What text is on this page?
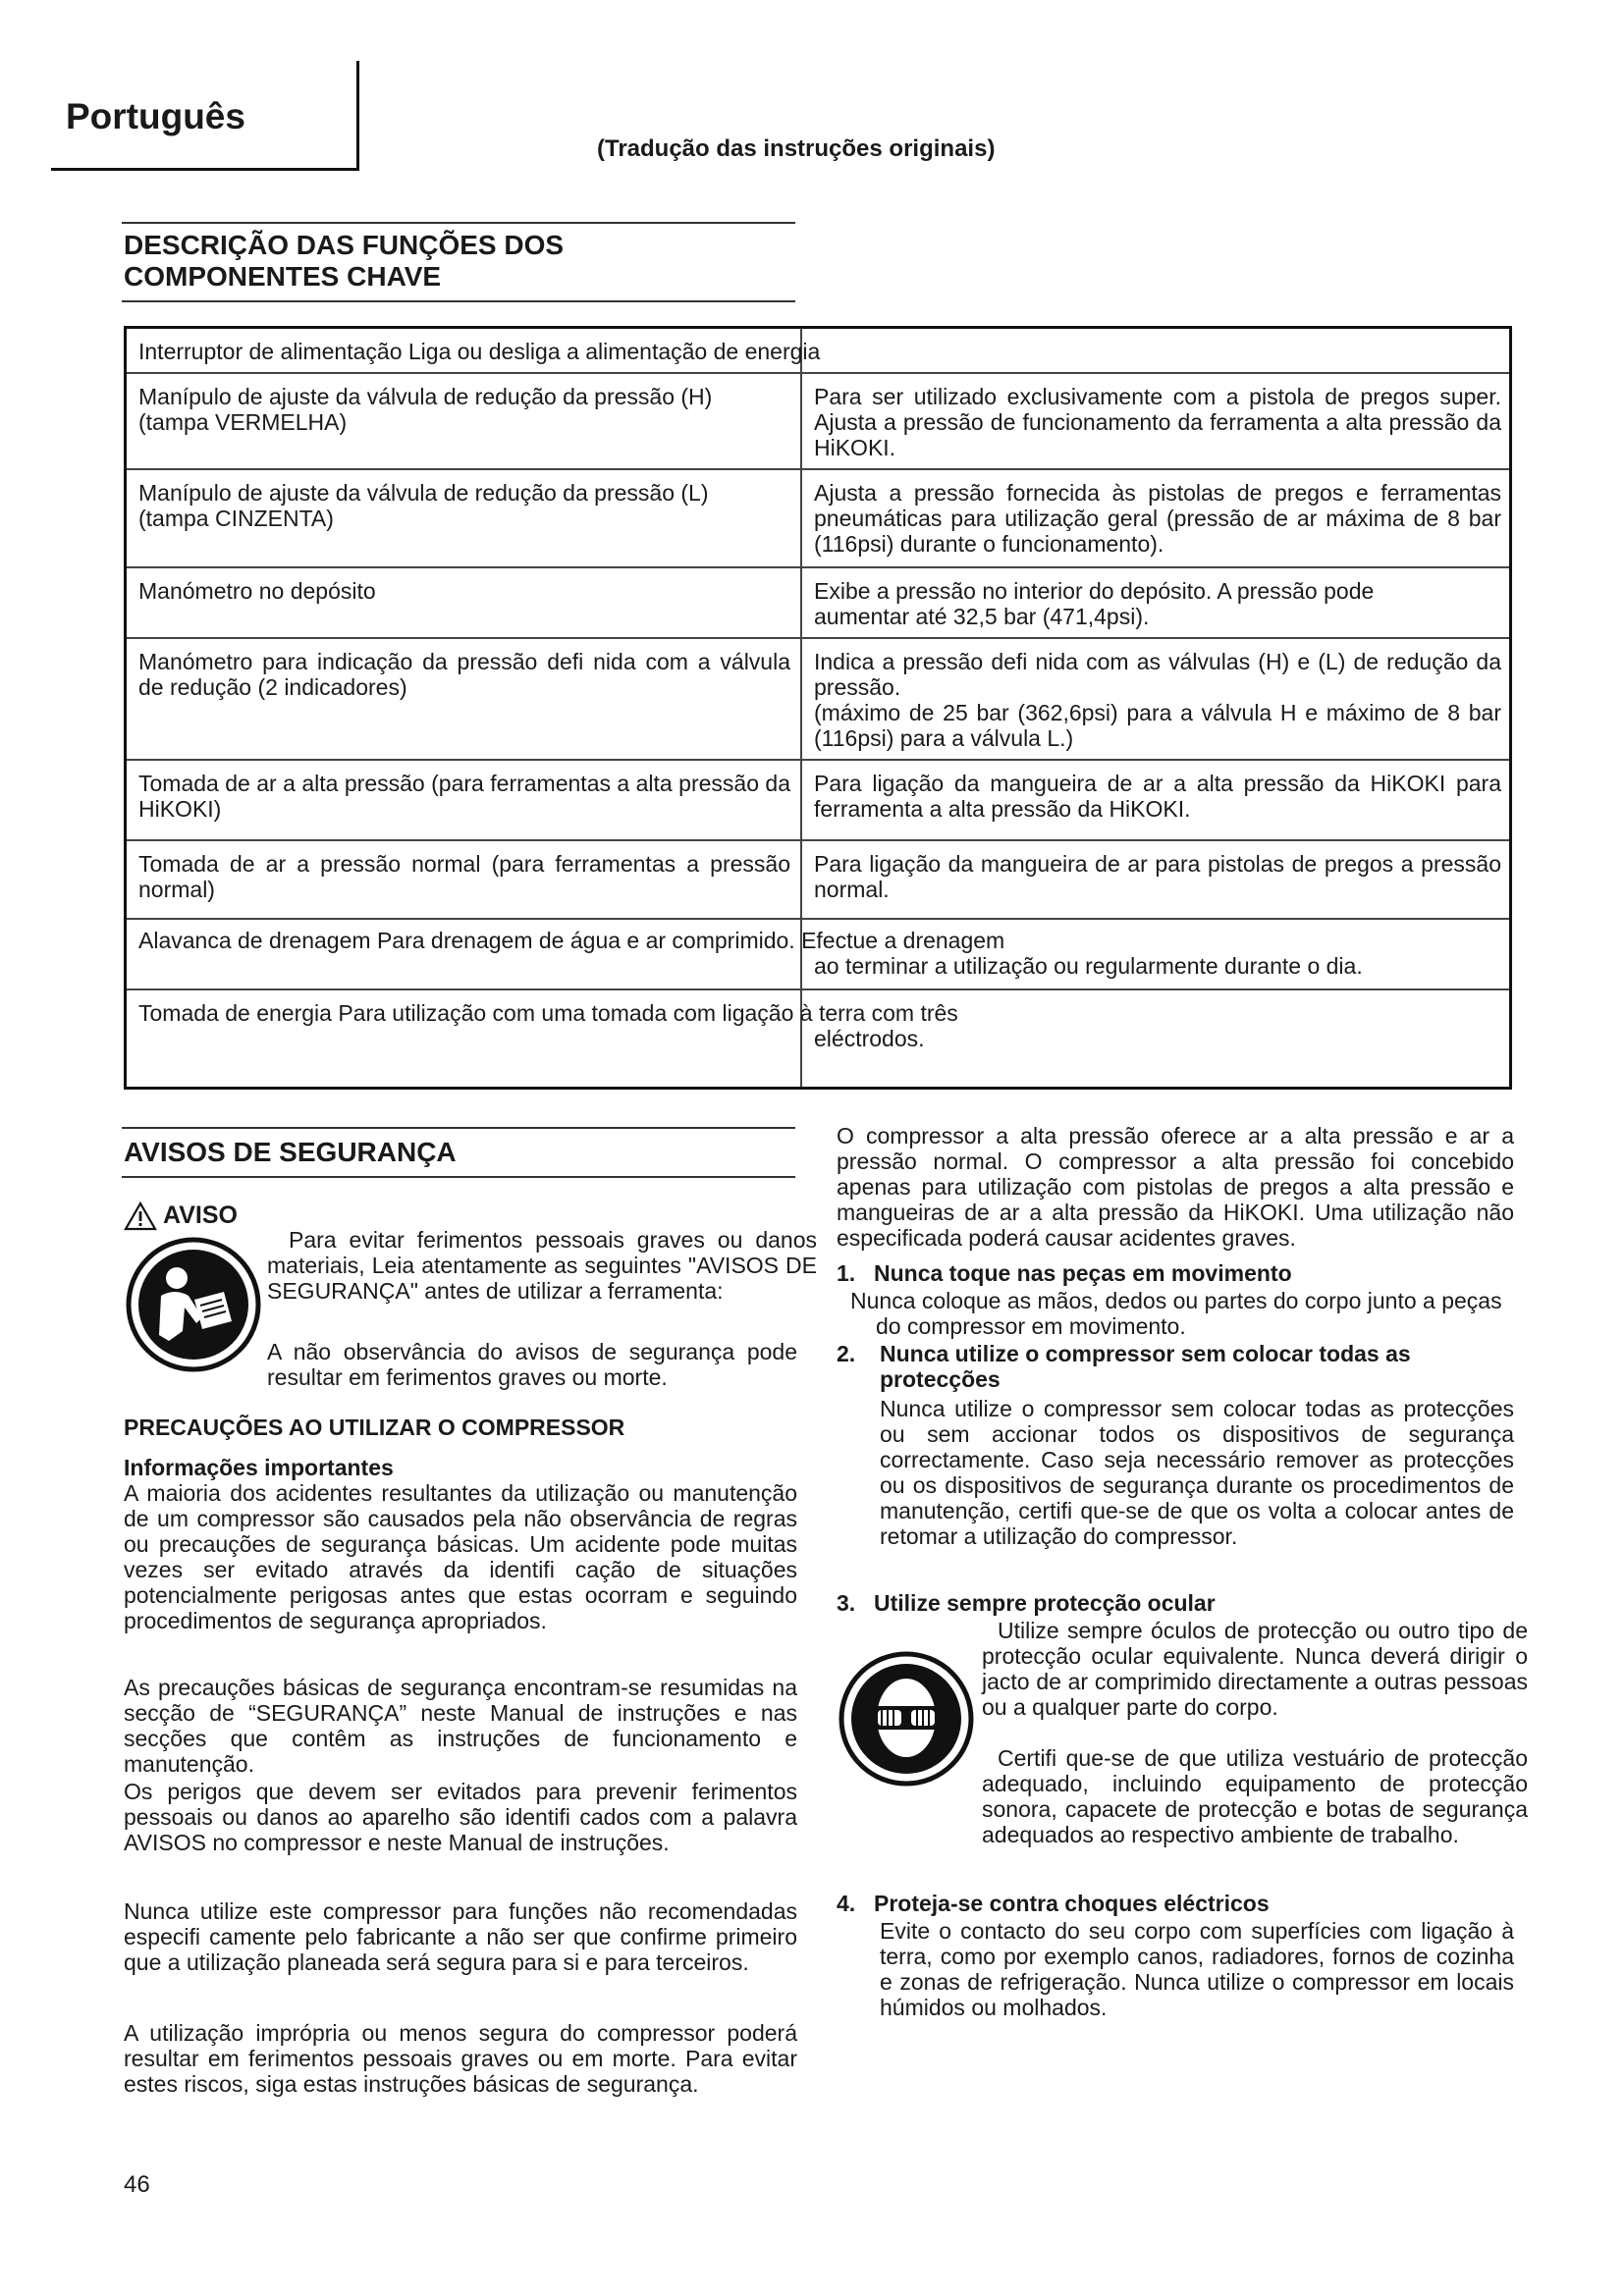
Português

(Tradução das instruções originais)

DESCRIÇÃO DAS FUNÇÕES DOS
COMPONENTES CHAVE

Interruptor de alimentação Liga ou desliga a alimentação de energia

Manípulo de ajuste da válvula de redução da pressão (H)
(tampa VERMELHA)

Para ser utilizado exclusivamente com a pistola de pregos super. Ajusta a pressão de funcionamento da ferramenta a alta pressão da HiKOKI.

Manípulo de ajuste da válvula de redução da pressão (L)
(tampa CINZENTA)

Ajusta a pressão fornecida às pistolas de pregos e ferramentas pneumáticas para utilização geral (pressão de ar máxima de 8 bar (116psi) durante o funcionamento).

Manómetro no depósito	Exibe a pressão no interior do depósito. A pressão pode
aumentar até 32,5 bar (471,4psi).

Manómetro para indicação da pressão defi nida com a válvula de redução (2 indicadores)

Indica a pressão defi nida com as válvulas (H) e (L) de redução da pressão.
(máximo de 25 bar (362,6psi) para a válvula H e máximo de 8 bar (116psi) para a válvula L.)

Tomada de ar a alta pressão (para ferramentas a alta pressão da HiKOKI)

Para ligação da mangueira de ar a alta pressão da HiKOKI para ferramenta a alta pressão da HiKOKI.

Tomada de ar a pressão normal (para ferramentas a pressão normal)

Para ligação da mangueira de ar para pistolas de pregos a pressão normal.

Alavanca de drenagem Para drenagem de água e ar comprimido. Efectue a drenagem

ao terminar a utilização ou regularmente durante o dia.

Tomada de energia Para utilização com uma tomada com ligação à terra com três

eléctrodos.

AVISOS DE SEGURANÇA

AVISO

Para evitar ferimentos pessoais graves ou danos materiais, Leia atentamente as seguintes "AVISOS DE SEGURANÇA" antes de utilizar a ferramenta:

A não observância do avisos de segurança pode resultar em ferimentos graves ou morte.

PRECAUÇÕES AO UTILIZAR O COMPRESSOR

Informações importantes

A maioria dos acidentes resultantes da utilização ou manutenção de um compressor são causados pela não observância de regras ou precauções de segurança básicas. Um acidente pode muitas vezes ser evitado através da identifi cação de situações potencialmente perigosas antes que estas ocorram e seguindo procedimentos de segurança apropriados.

As precauções básicas de segurança encontram-se resumidas na secção de “SEGURANÇA” neste Manual de instruções e nas secções que contêm as instruções de funcionamento e manutenção.

Os perigos que devem ser evitados para prevenir ferimentos pessoais ou danos ao aparelho são identifi cados com a palavra AVISOS no compressor e neste Manual de instruções.

Nunca utilize este compressor para funções não recomendadas especifi camente pelo fabricante a não ser que confirme primeiro que a utilização planeada será segura para si e para terceiros.

A utilização imprópria ou menos segura do compressor poderá resultar em ferimentos pessoais graves ou em morte. Para evitar estes riscos, siga estas instruções básicas de segurança.

O compressor a alta pressão oferece ar a alta pressão e ar a pressão normal. O compressor a alta pressão foi concebido apenas para utilização com pistolas de pregos a alta pressão e mangueiras de ar a alta pressão da HiKOKI. Uma utilização não especificada poderá causar acidentes graves.

1. Nunca toque nas peças em movimento

Nunca coloque as mãos, dedos ou partes do corpo junto a peças do compressor em movimento.

2. Nunca utilize o compressor sem colocar todas as protecções

Nunca utilize o compressor sem colocar todas as protecções ou sem accionar todos os dispositivos de segurança correctamente. Caso seja necessário remover as protecções ou os dispositivos de segurança durante os procedimentos de manutenção, certifi que-se de que os volta a colocar antes de retomar a utilização do compressor.

3. Utilize sempre protecção ocular

Utilize sempre óculos de protecção ou outro tipo de protecção ocular equivalente. Nunca deverá dirigir o jacto de ar comprimido directamente a outras pessoas ou a qualquer parte do corpo.

Certifi que-se de que utiliza vestuário de protecção adequado, incluindo equipamento de protecção sonora, capacete de protecção e botas de segurança adequados ao respectivo ambiente de trabalho.

4. Proteja-se contra choques eléctricos

Evite o contacto do seu corpo com superfícies com ligação à terra, como por exemplo canos, radiadores, fornos de cozinha e zonas de refrigeração. Nunca utilize o compressor em locais húmidos ou molhados.

46
